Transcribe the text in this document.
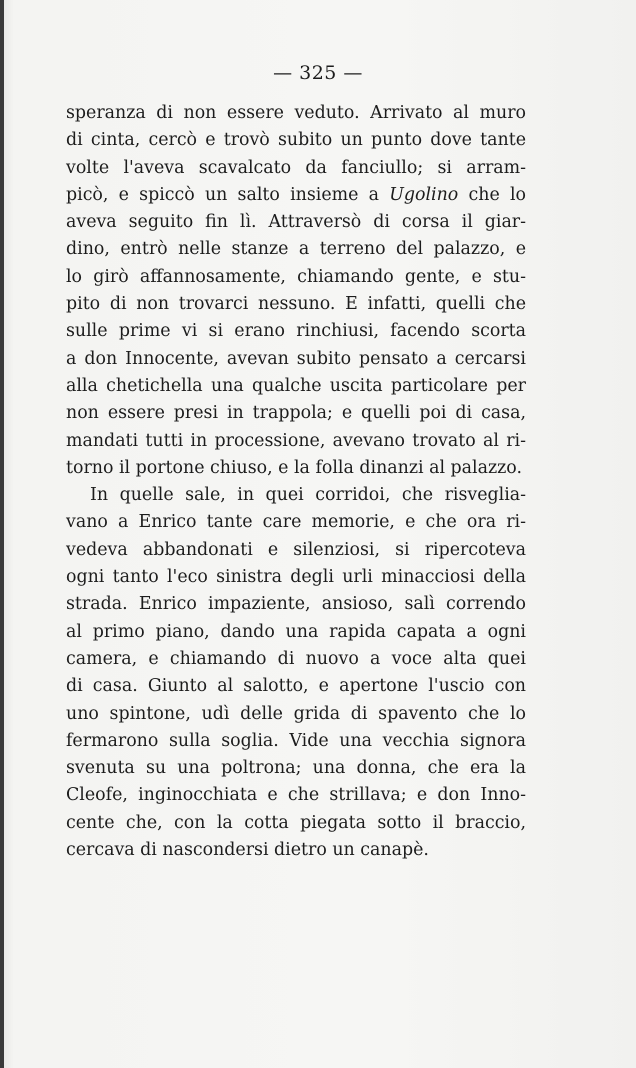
— 325 —

speranza di non essere veduto. Arrivato al muro
di cinta, cercò e trovò subito un punto dove tante
volte l'aveva scavalcato da fanciullo; si arram-
picò, e spiccò un salto insieme a Ugolino che lo
aveva seguito fin lì. Attraversò di corsa il giar-
dino, entrò nelle stanze a terreno del palazzo, e
lo girò affannosamente, chiamando gente, e stu-
pito di non trovarci nessuno. E infatti, quelli che
sulle prime vi si erano rinchiusi, facendo scorta
a don Innocente, avevan subito pensato a cercarsi
alla chetichella una qualche uscita particolare per
non essere presi in trappola; e quelli poi di casa,
mandati tutti in processione, avevano trovato al ri-
torno il portone chiuso, e la folla dinanzi al palazzo.

In quelle sale, in quei corridoi, che risveglia-
vano a Enrico tante care memorie, e che ora ri-
vedeva abbandonati e silenziosi, si ripercoteva
ogni tanto l'eco sinistra degli urli minacciosi della
strada. Enrico impaziente, ansioso, salì correndo
al primo piano, dando una rapida capata a ogni
camera, e chiamando di nuovo a voce alta quei
di casa. Giunto al salotto, e apertone l'uscio con
uno spintone, udì delle grida di spavento che lo
fermarono sulla soglia. Vide una vecchia signora
svenuta su una poltrona; una donna, che era la
Cleofe, inginocchiata e che strillava; e don Inno-
cente che, con la cotta piegata sotto il braccio,
cercava di nascondersi dietro un canapè.
